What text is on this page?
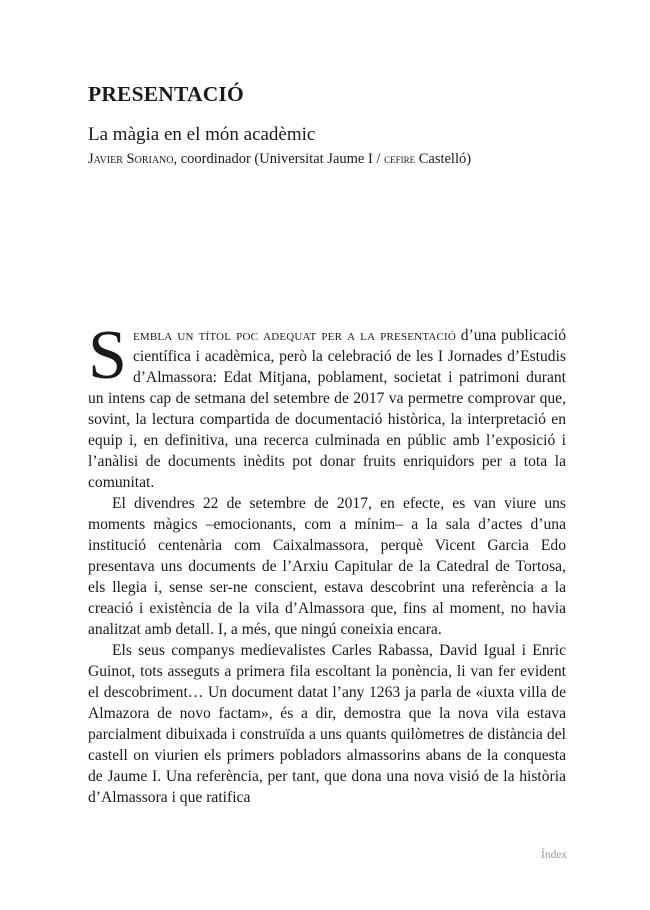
PRESENTACIÓ
La màgia en el món acadèmic

Javier Soriano, coordinador (Universitat Jaume I / cefire Castelló)

Sembla un títol poc adequat per a la presentació d’una publicació científica i acadèmica, però la celebració de les I Jornades d’Estudis d’Almassora: Edat Mitjana, poblament, societat i patrimoni durant un intens cap de setmana del setembre de 2017 va permetre comprovar que, sovint, la lectura compartida de documentació històrica, la interpretació en equip i, en definitiva, una recerca culminada en públic amb l’exposició i l’anàlisi de documents inèdits pot donar fruits enriquidors per a tota la comunitat.

El divendres 22 de setembre de 2017, en efecte, es van viure uns moments màgics –emocionants, com a mínim– a la sala d’actes d’una institució centenària com Caixalmassora, perquè Vicent Garcia Edo presentava uns documents de l’Arxiu Capitular de la Catedral de Tortosa, els llegia i, sense ser-ne conscient, estava descobrint una referència a la creació i existència de la vila d’Almassora que, fins al moment, no havia analitzat amb detall. I, a més, que ningú coneixia encara.

Els seus companys medievalistes Carles Rabassa, David Igual i Enric Guinot, tots asseguts a primera fila escoltant la ponència, li van fer evident el descobriment… Un document datat l’any 1263 ja parla de «iuxta villa de Almazora de novo factam», és a dir, demostra que la nova vila estava parcialment dibuixada i construïda a uns quants quilòmetres de distància del castell on viurien els primers pobladors almassorins abans de la conquesta de Jaume I. Una referència, per tant, que dona una nova visió de la història d’Almassora i que ratifica

Índex
